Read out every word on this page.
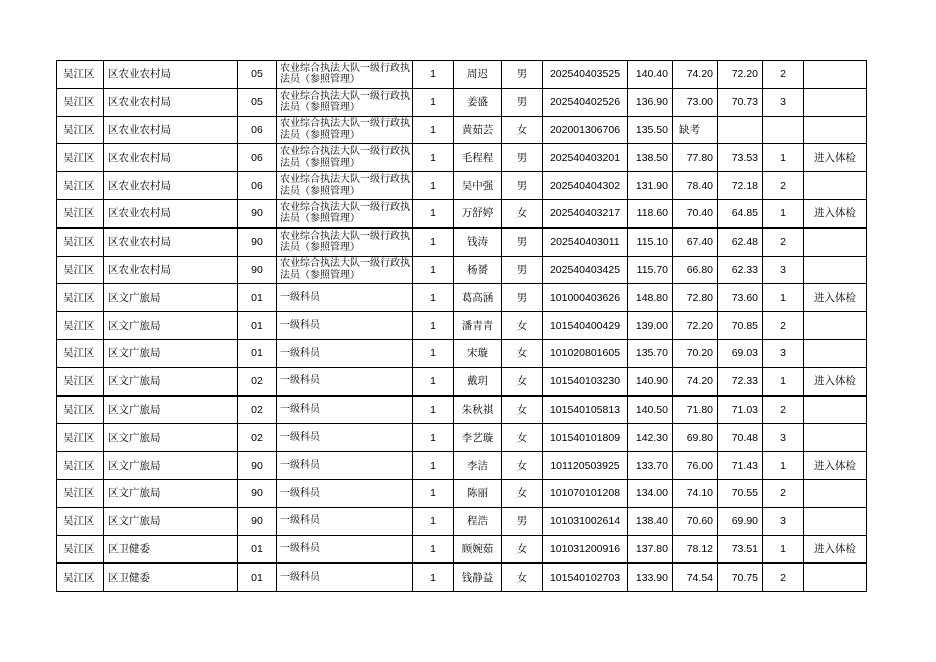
吴江区	区农业农村局	05	农业综合执法大队一级行政执法员（参照管理）	1	周迟	男	202540403525	140.40	74.20	72.20	2	
吴江区	区农业农村局	05	农业综合执法大队一级行政执法员（参照管理）	1	姜盛	男	202540402526	136.90	73.00	70.73	3	
吴江区	区农业农村局	06	农业综合执法大队一级行政执法员（参照管理）	1	黄茹芸	女	202001306706	135.50	缺考			
吴江区	区农业农村局	06	农业综合执法大队一级行政执法员（参照管理）	1	毛程程	男	202540403201	138.50	77.80	73.53	1	进入体检
吴江区	区农业农村局	06	农业综合执法大队一级行政执法员（参照管理）	1	吴中强	男	202540404302	131.90	78.40	72.18	2	
吴江区	区农业农村局	90	农业综合执法大队一级行政执法员（参照管理）	1	万舒婷	女	202540403217	118.60	70.40	64.85	1	进入体检
吴江区	区农业农村局	90	农业综合执法大队一级行政执法员（参照管理）	1	钱涛	男	202540403011	115.10	67.40	62.48	2	
吴江区	区农业农村局	90	农业综合执法大队一级行政执法员（参照管理）	1	杨赟	男	202540403425	115.70	66.80	62.33	3	
吴江区	区文广旅局	01	一级科员	1	葛高涵	男	101000403626	148.80	72.80	73.60	1	进入体检
吴江区	区文广旅局	01	一级科员	1	潘青青	女	101540400429	139.00	72.20	70.85	2	
吴江区	区文广旅局	01	一级科员	1	宋璇	女	101020801605	135.70	70.20	69.03	3	
吴江区	区文广旅局	02	一级科员	1	戴玥	女	101540103230	140.90	74.20	72.33	1	进入体检
吴江区	区文广旅局	02	一级科员	1	朱秋祺	女	101540105813	140.50	71.80	71.03	2	
吴江区	区文广旅局	02	一级科员	1	李艺璇	女	101540101809	142.30	69.80	70.48	3	
吴江区	区文广旅局	90	一级科员	1	李洁	女	101120503925	133.70	76.00	71.43	1	进入体检
吴江区	区文广旅局	90	一级科员	1	陈丽	女	101070101208	134.00	74.10	70.55	2	
吴江区	区文广旅局	90	一级科员	1	程浩	男	101031002614	138.40	70.60	69.90	3	
吴江区	区卫健委	01	一级科员	1	顾婉茹	女	101031200916	137.80	78.12	73.51	1	进入体检
吴江区	区卫健委	01	一级科员	1	钱静益	女	101540102703	133.90	74.54	70.75	2	
